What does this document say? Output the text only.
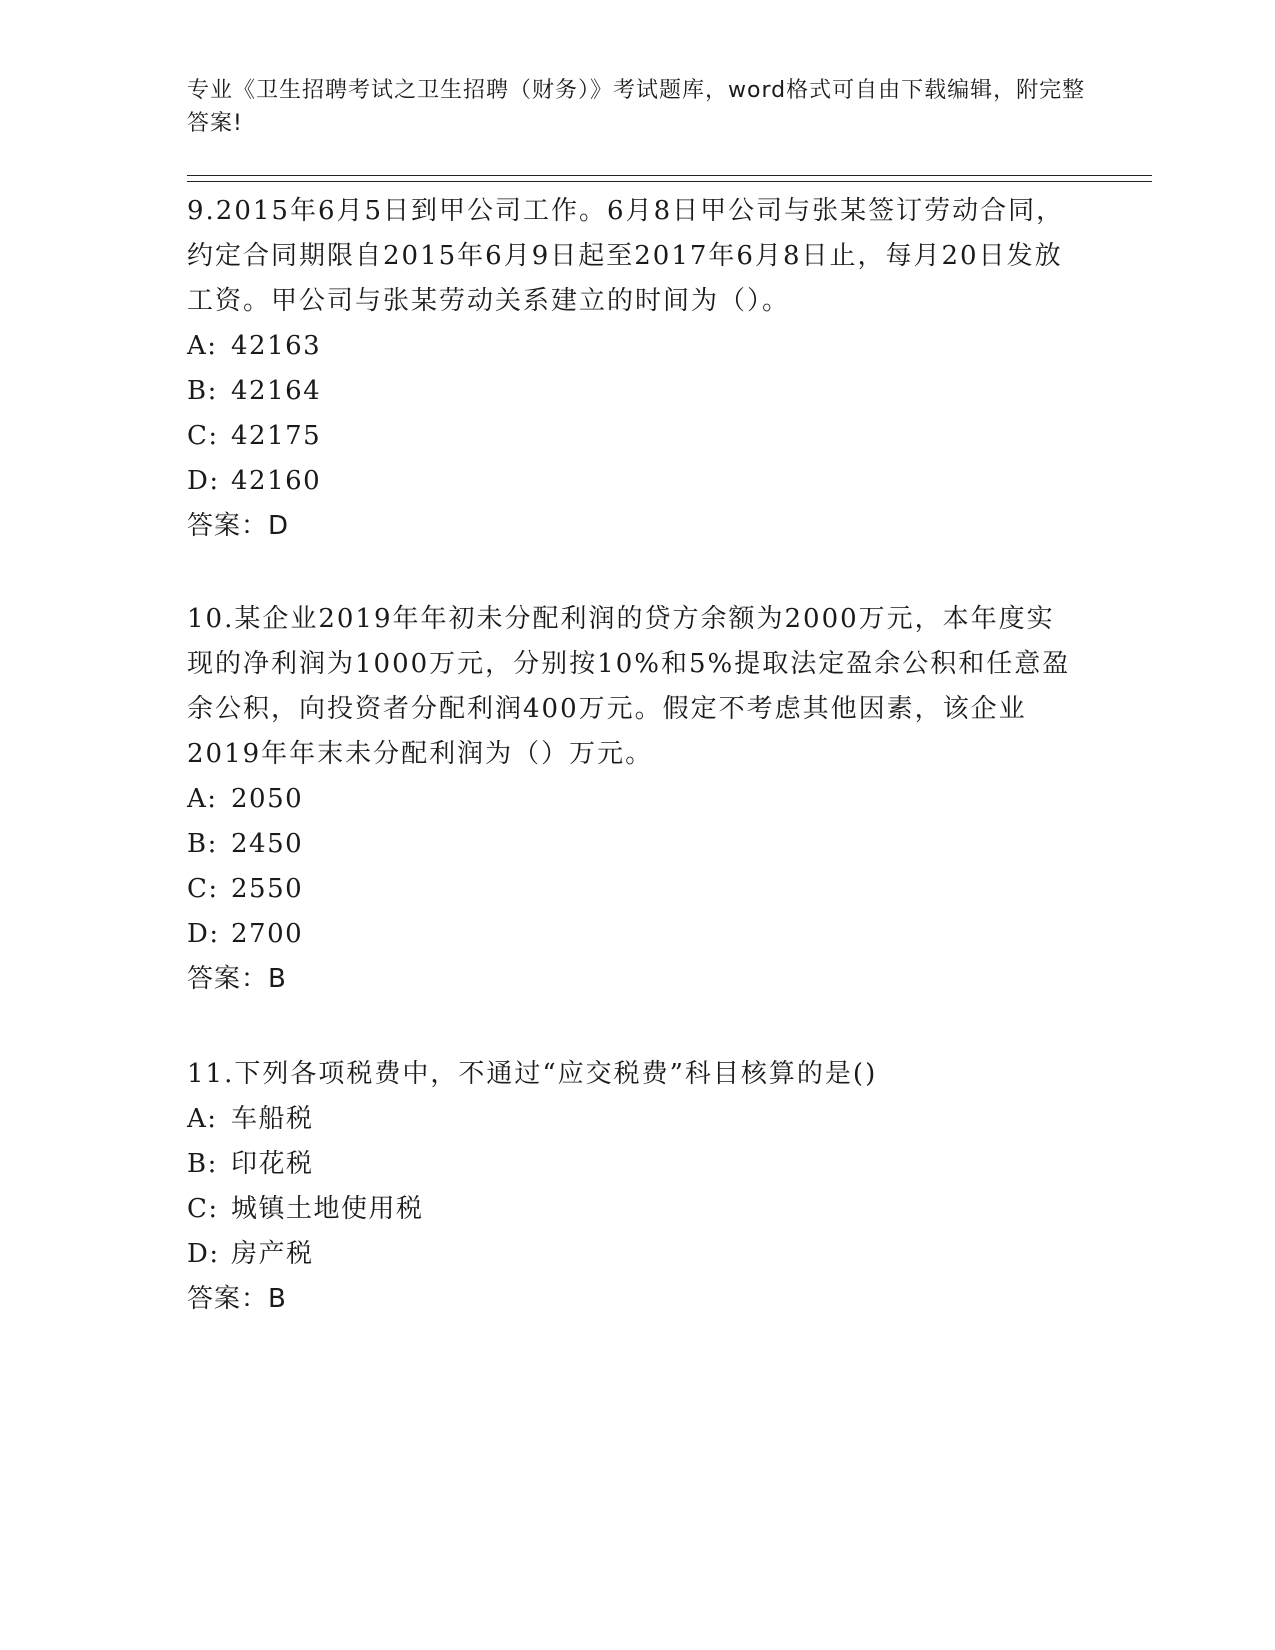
专业《卫生招聘考试之卫生招聘（财务）》考试题库，word格式可自由下载编辑，附完整答案!

9.2015年6月5日到甲公司工作。6月8日甲公司与张某签订劳动合同，约定合同期限自2015年6月9日起至2017年6月8日止，每月20日发放工资。甲公司与张某劳动关系建立的时间为（）。

A: 42163
B: 42164
C: 42175
D: 42160
答案：D

10.某企业2019年年初未分配利润的贷方余额为2000万元，本年度实现的净利润为1000万元，分别按10%和5%提取法定盈余公积和任意盈余公积，向投资者分配利润400万元。假定不考虑其他因素，该企业2019年年末未分配利润为（）万元。

A: 2050
B: 2450
C: 2550
D: 2700
答案：B

11.下列各项税费中，不通过“应交税费”科目核算的是()

A: 车船税
B: 印花税
C: 城镇土地使用税
D: 房产税
答案：B
